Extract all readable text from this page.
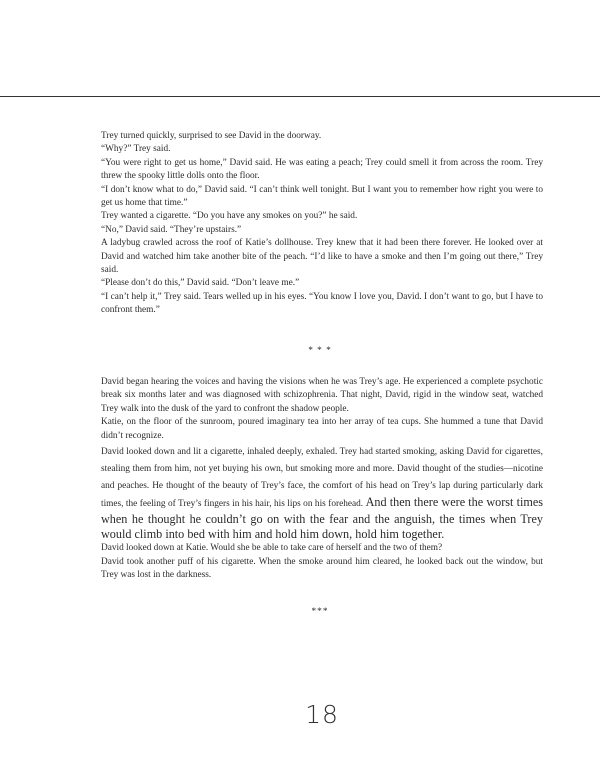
Trey turned quickly, surprised to see David in the doorway.

“Why?” Trey said.

“You were right to get us home,” David said. He was eating a peach; Trey could smell it from across the room. Trey threw the spooky little dolls onto the floor.

“I don’t know what to do,” David said. “I can’t think well tonight. But I want you to remember how right you were to get us home that time.”

Trey wanted a cigarette. “Do you have any smokes on you?” he said.

“No,” David said. “They’re upstairs.”

A ladybug crawled across the roof of Katie’s dollhouse. Trey knew that it had been there forever. He looked over at David and watched him take another bite of the peach. “I’d like to have a smoke and then I’m going out there,” Trey said.

“Please don’t do this,” David said. “Don’t leave me.”

“I can’t help it,” Trey said. Tears welled up in his eyes. “You know I love you, David. I don’t want to go, but I have to confront them.”

* * *

David began hearing the voices and having the visions when he was Trey’s age. He experienced a complete psychotic break six months later and was diagnosed with schizophrenia. That night, David, rigid in the window seat, watched Trey walk into the dusk of the yard to confront the shadow people.

Katie, on the floor of the sunroom, poured imaginary tea into her array of tea cups. She hummed a tune that David didn’t recognize.

David looked down and lit a cigarette, inhaled deeply, exhaled. Trey had started smoking, asking David for cigarettes, stealing them from him, not yet buying his own, but smoking more and more. David thought of the studies—nicotine and peaches. He thought of the beauty of Trey’s face, the comfort of his head on Trey’s lap during particularly dark times, the feeling of Trey’s fingers in his hair, his lips on his forehead. And then there were the worst times when he thought he couldn’t go on with the fear and the anguish, the times when Trey would climb into bed with him and hold him down, hold him together.

David looked down at Katie. Would she be able to take care of herself and the two of them?

David took another puff of his cigarette. When the smoke around him cleared, he looked back out the window, but Trey was lost in the darkness.

***
18
